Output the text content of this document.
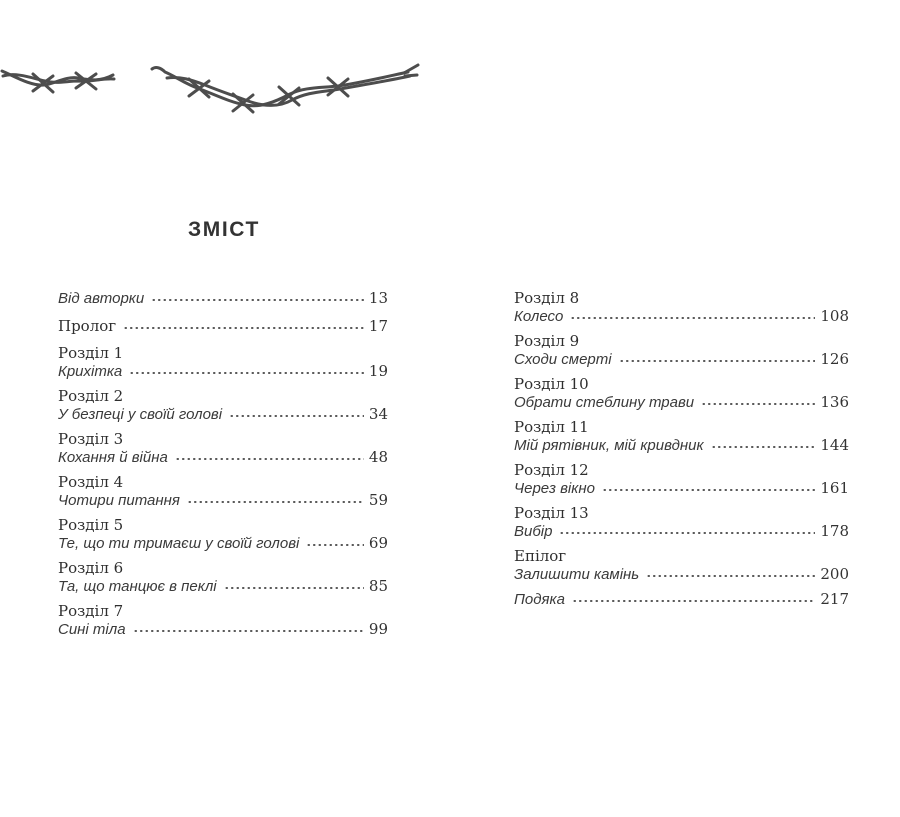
ЗМІСТ
Від авторки	13
Пролог	17
Розділ 1
Крихітка	19
Розділ 2
У безпеці у своїй голові	34
Розділ 3
Кохання й війна	48
Розділ 4
Чотири питання	59
Розділ 5
Те, що ти тримаєш у своїй голові	69
Розділ 6
Та, що танцює в пеклі	85
Розділ 7
Сині тіла	99
Розділ 8
Колесо	108
Розділ 9
Сходи смерті	126
Розділ 10
Обрати стеблину трави	136
Розділ 11
Мій рятівник, мій кривдник	144
Розділ 12
Через вікно	161
Розділ 13
Вибір	178
Епілог
Залишити камінь	200
Подяка	217
